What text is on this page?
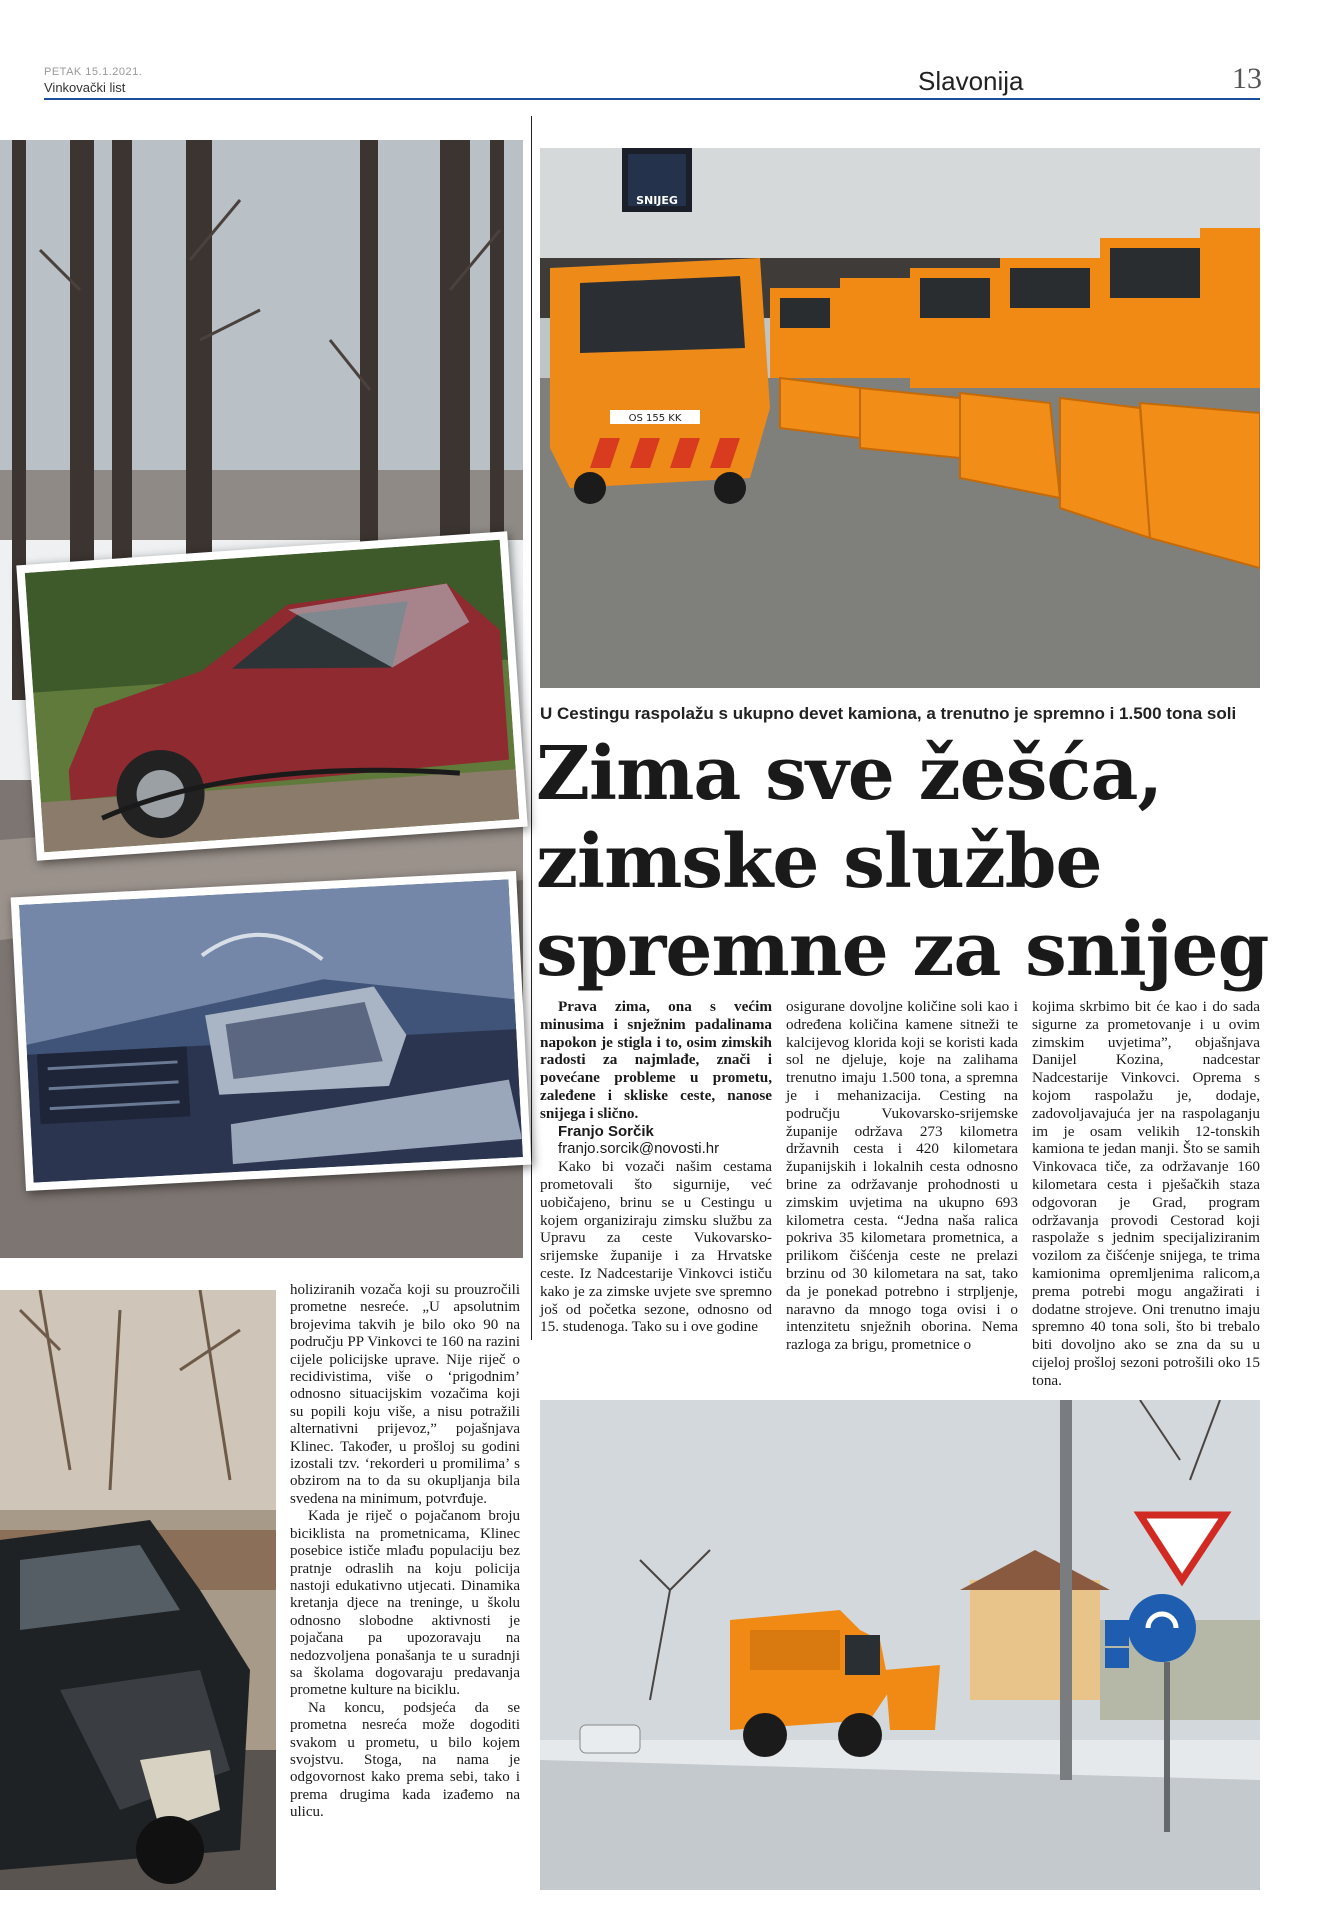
PETAK 15.1.2021.
Vinkovački list	Slavonija	13
SNIJEG
OS 155 KK
U Cestingu raspolažu s ukupno devet kamiona, a trenutno je spremno i 1.500 tona soli
Zima sve žešća,
zimske službe
spremne za snijeg

Prava zima, ona s većim minusima i snježnim padalinama napokon je stigla i to, osim zimskih radosti za najmlađe, znači i povećane probleme u prometu, zaleđene i skliske ceste, nanose snijega i slično.

Franjo Sorčik

franjo.sorcik@novosti.hr

Kako bi vozači našim cestama prometovali što sigurnije, već uobičajeno, brinu se u Cestingu u kojem organiziraju zimsku službu za Upravu za ceste Vukovarsko-srijemske županije i za Hrvatske ceste. Iz Nadcestarije Vinkovci ističu kako je za zimske uvjete sve spremno još od početka sezone, odnosno od 15. studenoga. Tako su i ove godine

osigurane dovoljne količine soli kao i određena količina kamene sitneži te kalcijevog klorida koji se koristi kada sol ne djeluje, koje na zalihama trenutno imaju 1.500 tona, a spremna je i mehanizacija. Cesting na području Vukovarsko-srijemske županije održava 273 kilometra državnih cesta i 420 kilometara županijskih i lokalnih cesta odnosno brine za održavanje prohodnosti u zimskim uvjetima na ukupno 693 kilometra cesta. “Jedna naša ralica pokriva 35 kilometara prometnica, a prilikom čišćenja ceste ne prelazi brzinu od 30 kilometara na sat, tako da je ponekad potrebno i strpljenje, naravno da mnogo toga ovisi i o intenzitetu snježnih oborina. Nema razloga za brigu, prometnice o

kojima skrbimo bit će kao i do sada sigurne za prometovanje i u ovim zimskim uvjetima”, objašnjava Danijel Kozina, nadcestar Nadcestarije Vinkovci. Oprema s kojom raspolažu je, dodaje, zadovoljavajuća jer na raspolaganju im je osam velikih 12-tonskih kamiona te jedan manji. Što se samih Vinkovaca tiče, za održavanje 160 kilometara cesta i pješačkih staza odgovoran je Grad, program održavanja provodi Cestorad koji raspolaže s jednim specijaliziranim vozilom za čišćenje snijega, te trima kamionima opremljenima ralicom,a prema potrebi mogu angažirati i dodatne strojeve. Oni trenutno imaju spremno 40 tona soli, što bi trebalo biti dovoljno ako se zna da su u cijeloj prošlој sezoni potrošili oko 15 tona.

holiziranih vozača koji su prouzročili prometne nesreće. „U apsolutnim brojevima takvih je bilo oko 90 na području PP Vinkovci te 160 na razini cijele policijske uprave. Nije riječ o recidivistima, više o ‘prigodnim’ odnosno situacijskim vozačima koji su popili koju više, a nisu potražili alternativni prijevoz,” pojašnjava Klinec. Također, u prošloj su godini izostali tzv. ‘rekorderi u promilima’ s obzirom na to da su okupljanja bila svedena na minimum, potvrđuje.

Kada je riječ o pojačanom broju biciklista na prometnicama, Klinec posebice ističe mlađu populaciju bez pratnje odraslih na koju policija nastoji edukativno utjecati. Dinamika kretanja djece na treninge, u školu odnosno slobodne aktivnosti je pojačana pa upozoravaju na nedozvoljena ponašanja te u suradnji sa školama dogovaraju predavanja prometne kulture na biciklu.

Na koncu, podsjeća da se prometna nesreća može dogoditi svakom u prometu, u bilo kojem svojstvu. Stoga, na nama je odgovornost kako prema sebi, tako i prema drugima kada izađemo na ulicu.
